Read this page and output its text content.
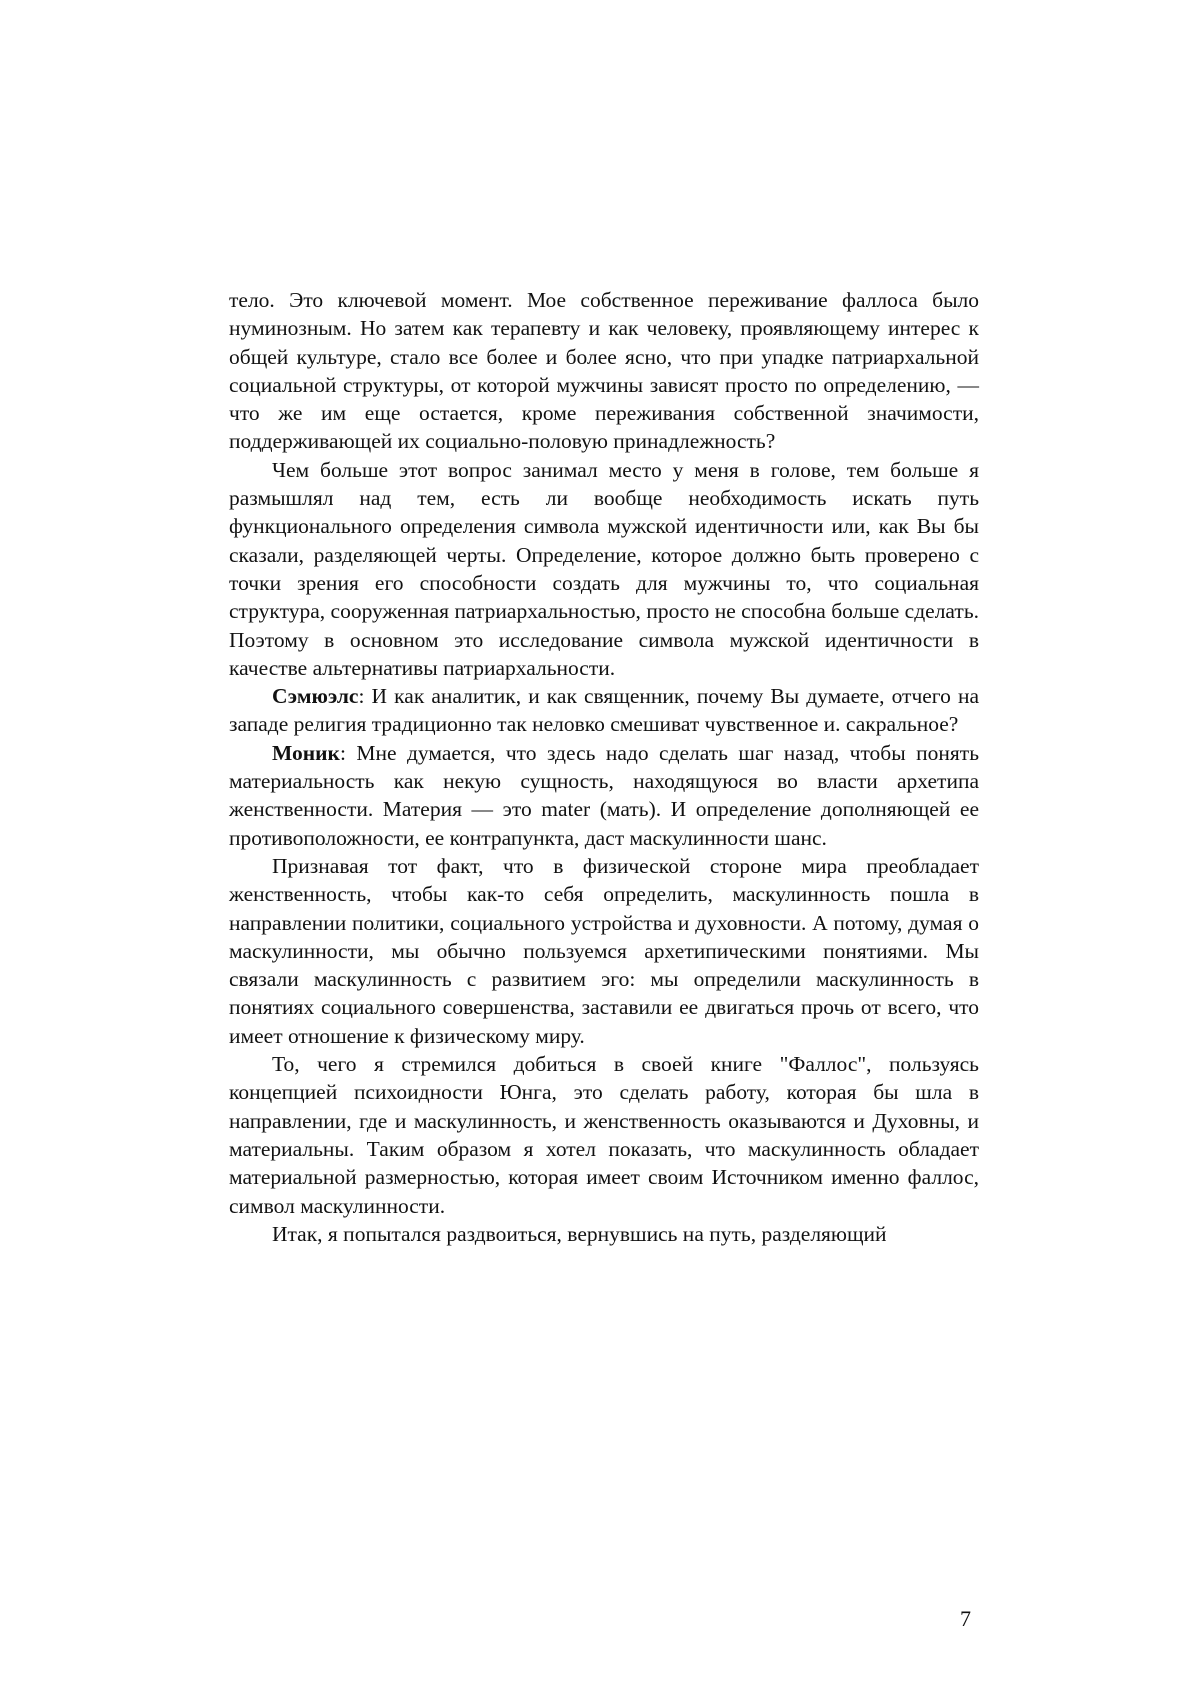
тело. Это ключевой момент. Мое собственное переживание фаллоса было нуминозным. Но затем как терапевту и как человеку, проявляющему интерес к общей культуре, стало все более и более ясно, что при упадке патриархальной социальной структуры, от которой мужчины зависят просто по определению, — что же им еще остается, кроме переживания собственной значимости, поддерживающей их социально-половую принадлежность?

Чем больше этот вопрос занимал место у меня в голове, тем больше я размышлял над тем, есть ли вообще необходимость искать путь функционального определения символа мужской идентичности или, как Вы бы сказали, разделяющей черты. Определение, которое должно быть проверено с точки зрения его способности создать для мужчины то, что социальная структура, сооруженная патриархальностью, просто не способна больше сделать. Поэтому в основном это исследование символа мужской идентичности в качестве альтернативы патриархальности.

Сэмюэлс: И как аналитик, и как священник, почему Вы думаете, отчего на западе религия традиционно так неловко смешиват чувственное и. сакральное?

Моник: Мне думается, что здесь надо сделать шаг назад, чтобы понять материальность как некую сущность, находящуюся во власти архетипа женственности. Материя — это mater (мать). И определение дополняющей ее противоположности, ее контрапункта, даст маскулинности шанс.

Признавая тот факт, что в физической стороне мира преобладает женственность, чтобы как-то себя определить, маскулинность пошла в направлении политики, социального устройства и духовности. А потому, думая о маскулинности, мы обычно пользуемся архетипическими понятиями. Мы связали маскулинность с развитием эго: мы определили маскулинность в понятиях социального совершенства, заставили ее двигаться прочь от всего, что имеет отношение к физическому миру.

То, чего я стремился добиться в своей книге "Фаллос", пользуясь концепцией психоидности Юнга, это сделать работу, которая бы шла в направлении, где и маскулинность, и женственность оказываются и Духовны, и материальны. Таким образом я хотел показать, что маскулинность обладает материальной размерностью, которая имеет своим Источником именно фаллос, символ маскулинности.

Итак, я попытался раздвоиться, вернувшись на путь, разделяющий

7
